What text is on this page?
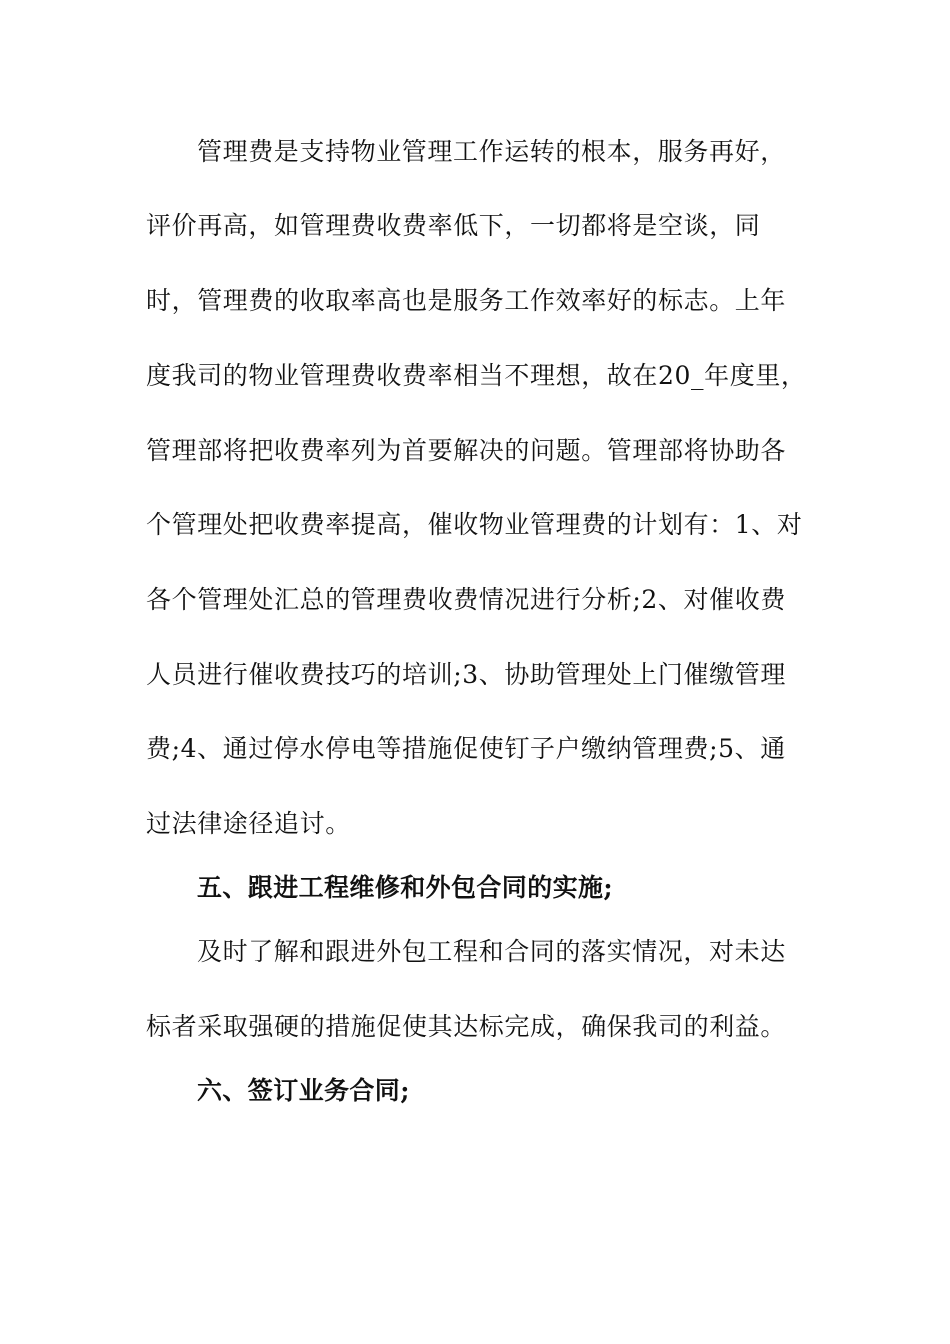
管理费是支持物业管理工作运转的根本，服务再好，
评价再高，如管理费收费率低下，一切都将是空谈，同
时，管理费的收取率高也是服务工作效率好的标志。上年
度我司的物业管理费收费率相当不理想，故在20_年度里，
管理部将把收费率列为首要解决的问题。管理部将协助各
个管理处把收费率提高，催收物业管理费的计划有：1、对
各个管理处汇总的管理费收费情况进行分析;2、对催收费
人员进行催收费技巧的培训;3、协助管理处上门催缴管理
费;4、通过停水停电等措施促使钉子户缴纳管理费;5、通
过法律途径追讨。
五、跟进工程维修和外包合同的实施;
及时了解和跟进外包工程和合同的落实情况，对未达
标者采取强硬的措施促使其达标完成，确保我司的利益。
六、签订业务合同;
